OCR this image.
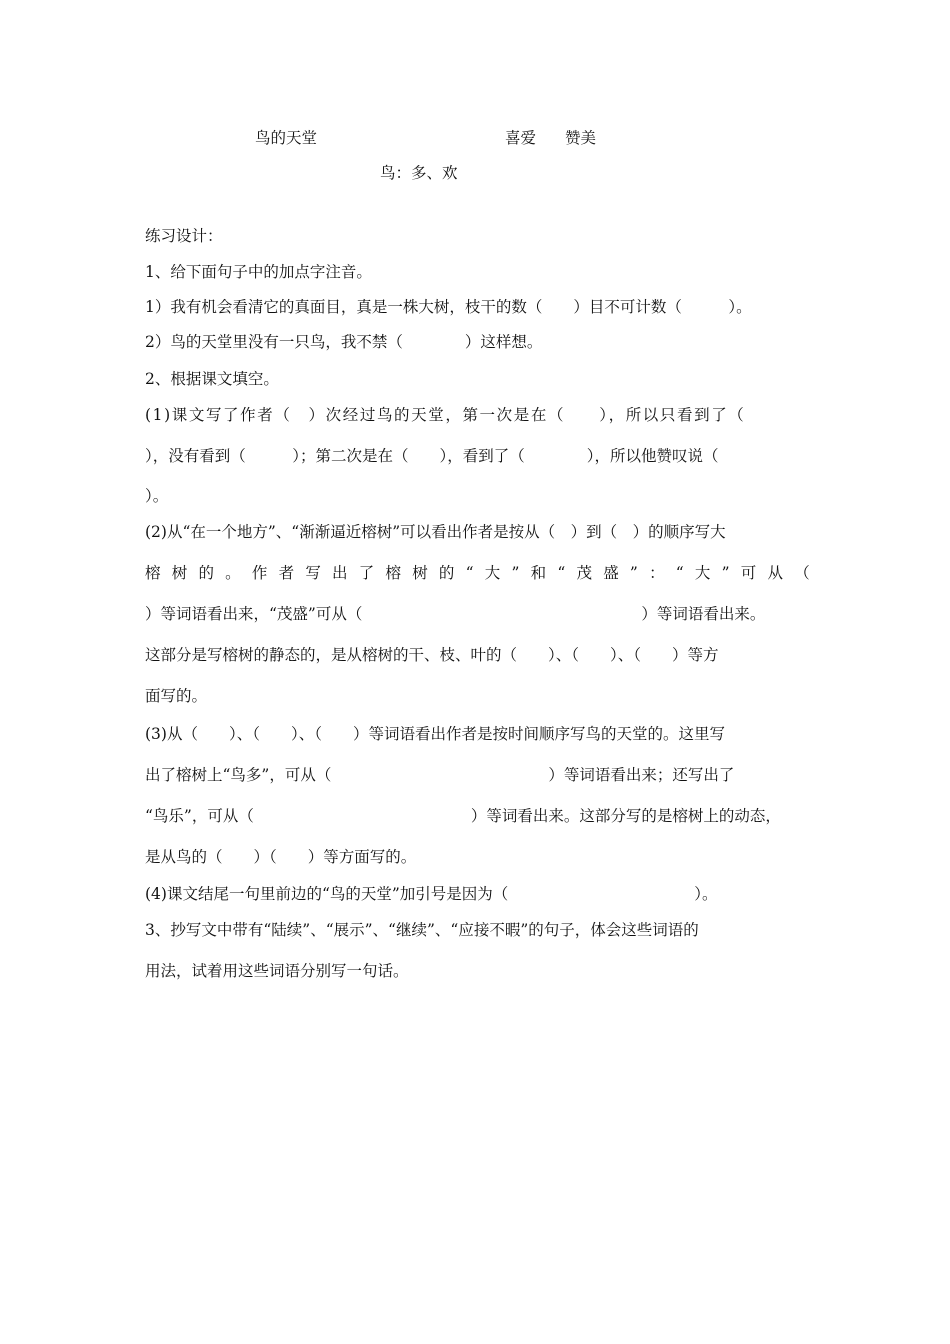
鸟的天堂	喜爱 赞美
鸟：多、欢
练习设计：
1、给下面句子中的加点字注音。
1）我有机会看清它的真面目，真是一株大树，枝干的数（　　）目不可计数（　　　）。
2）鸟的天堂里没有一只鸟，我不禁（　　　　）这样想。
2、根据课文填空。
(1)课文写了作者（　）次经过鸟的天堂，第一次是在（　　），所以只看到了（
），没有看到（　　　）；第二次是在（　　），看到了（　　　　），所以他赞叹说（
）。
(2)从“在一个地方”、“渐渐逼近榕树”可以看出作者是按从（　）到（　）的顺序写大
榕 树 的 。 作 者 写 出 了 榕 树 的 “ 大 ” 和 “ 茂 盛 ” ： “ 大 ” 可 从 （
）等词语看出来，“茂盛”可从（　　　　　　　　　　　　　　　　　　）等词语看出来。
这部分是写榕树的静态的，是从榕树的干、枝、叶的（　　）、（　　）、（　　）等方
面写的。
(3)从（　　）、（　　）、（　　）等词语看出作者是按时间顺序写鸟的天堂的。这里写
出了榕树上“鸟多”，可从（　　　　　　　　　　　　　　）等词语看出来；还写出了
“鸟乐”，可从（　　　　　　　　　　　　　　）等词看出来。这部分写的是榕树上的动态，
是从鸟的（　　）（　　）等方面写的。
(4)课文结尾一句里前边的“鸟的天堂”加引号是因为（　　　　　　　　　　　　）。
3、抄写文中带有“陆续”、“展示”、“继续”、“应接不暇”的句子，体会这些词语的
用法，试着用这些词语分别写一句话。
